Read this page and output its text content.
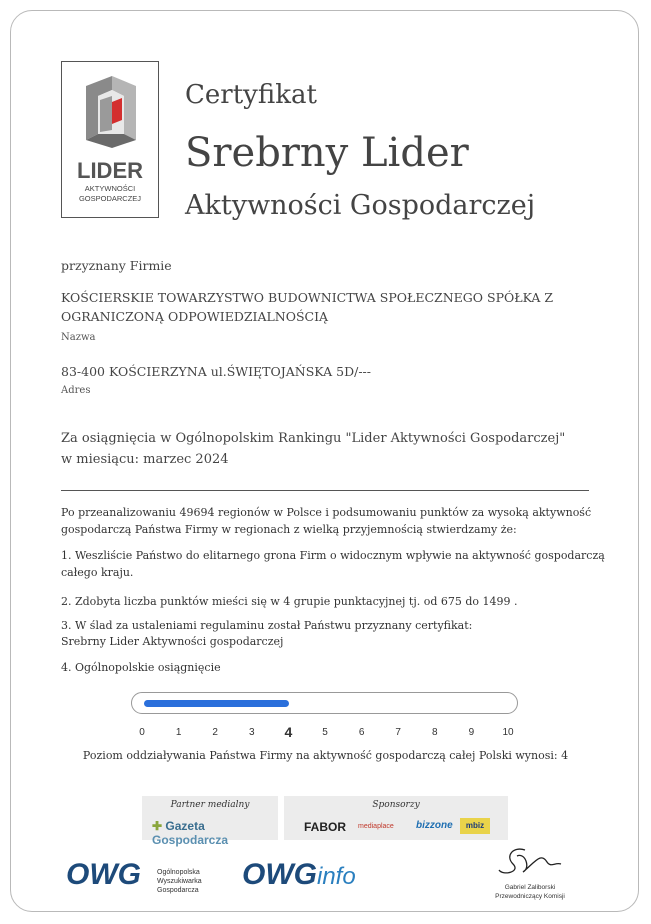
LIDER
AKTYWNOŚCI
GOSPODARCZEJ
Certyfikat
Srebrny Lider
Aktywności Gospodarczej
przyznany Firmie
KOŚCIERSKIE TOWARZYSTWO BUDOWNICTWA SPOŁECZNEGO SPÓŁKA Z
OGRANICZONĄ ODPOWIEDZIALNOŚCIĄ
Nazwa
83-400 KOŚCIERZYNA ul.ŚWIĘTOJAŃSKA 5D/---
Adres
Za osiągnięcia w Ogólnopolskim Rankingu "Lider Aktywności Gospodarczej"
w miesiącu: marzec 2024
Po przeanalizowaniu 49694 regionów w Polsce i podsumowaniu punktów za wysoką aktywność
gospodarczą Państwa Firmy w regionach z wielką przyjemnością stwierdzamy że:
1. Weszliście Państwo do elitarnego grona Firm o widocznym wpływie na aktywność gospodarczą
całego kraju.
2. Zdobyta liczba punktów mieści się w 4 grupie punktacyjnej tj. od 675 do 1499 .
3. W ślad za ustaleniami regulaminu został Państwu przyznany certyfikat:
Srebrny Lider Aktywności gospodarczej
4. Ogólnopolskie osiągnięcie
0	1	2	3	4	5	6	7	8	9	10
Poziom oddziaływania Państwa Firmy na aktywność gospodarczą całej Polski wynosi: 4
Partner medialny
✚ Gazeta Gospodarcza
Sponsorzy
FABOR mediaplace bizzone	mbiz
OWG Ogólnopolska
Wyszukiwarka
Gospodarcza OWGinfo	Gabriel Zaliborski
Przewodniczący Komisji
